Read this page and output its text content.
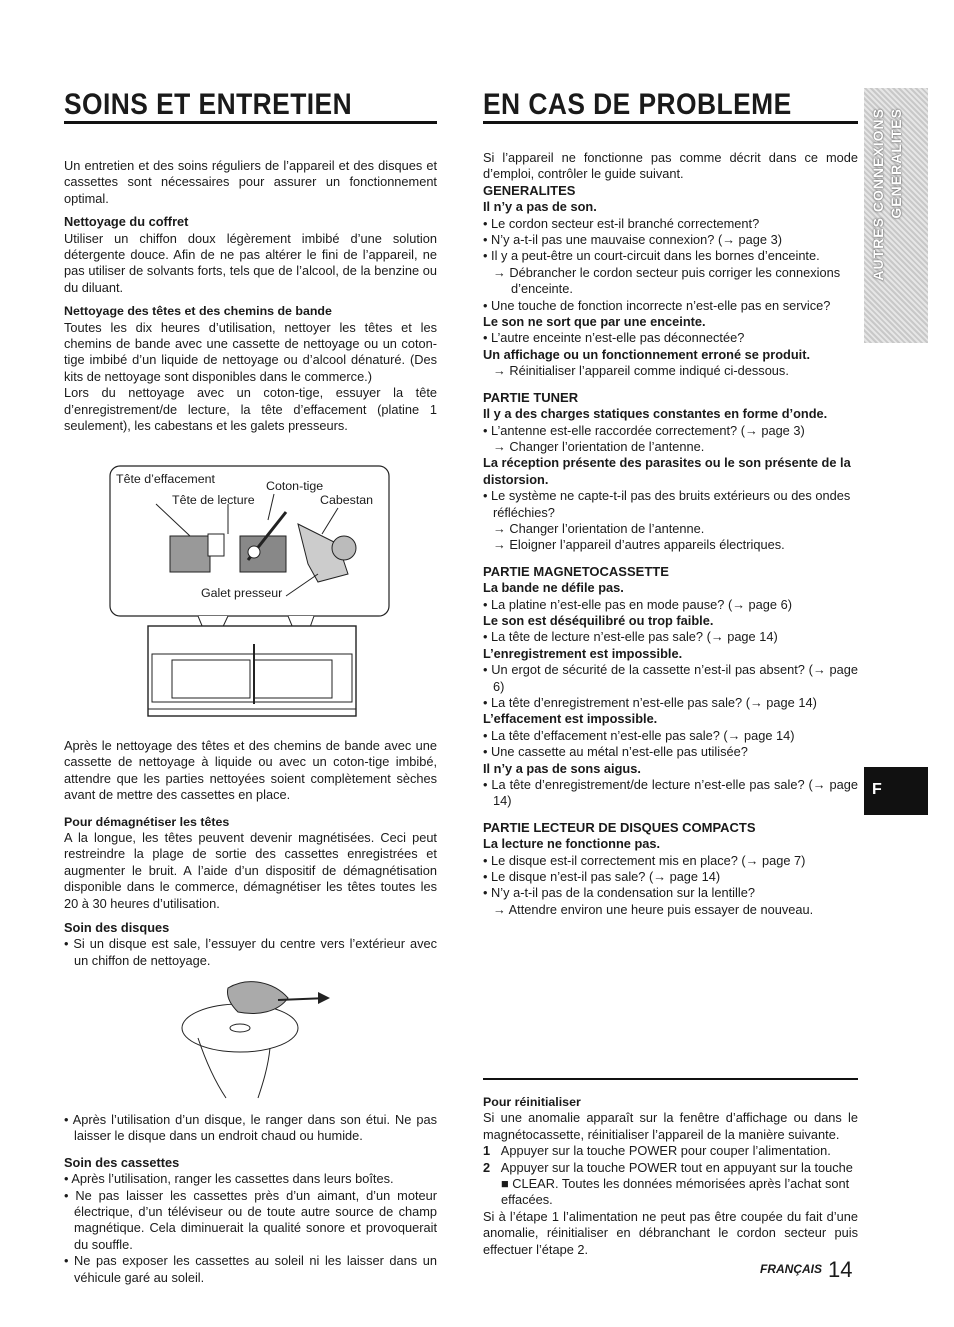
SOINS ET ENTRETIEN	EN CAS DE PROBLEME
AUTRES CONNEXIONS GENERALITES
F

Un entretien et des soins réguliers de l’appareil et des disques et cassettes sont nécessaires pour assurer un fonctionnement optimal.

Nettoyage du coffret

Utiliser un chiffon doux légèrement imbibé d’une solution détergente douce. Afin de ne pas altérer le fini de l’appareil, ne pas utiliser de solvants forts, tels que de l’alcool, de la benzine ou du diluant.

Nettoyage des têtes et des chemins de bande

Toutes les dix heures d’utilisation, nettoyer les têtes et les chemins de bande avec une cassette de nettoyage ou un coton-tige imbibé d’un liquide de nettoyage ou d’alcool dénaturé. (Des kits de nettoyage sont disponibles dans le commerce.)

Lors du nettoyage avec un coton-tige, essuyer la tête d’enregistrement/de lecture, la tête d’effacement (platine 1 seulement), les cabestans et les galets presseurs.

Tête d’effacement	Coton-tige
Tête de lecture	Cabestan
Galet presseur

Après le nettoyage des têtes et des chemins de bande avec une cassette de nettoyage à liquide ou avec un coton-tige imbibé, attendre que les parties nettoyées soient complètement sèches avant de mettre des cassettes en place.

Pour démagnétiser les têtes

A la longue, les têtes peuvent devenir magnétisées. Ceci peut restreindre la plage de sortie des cassettes enregistrées et augmenter le bruit. A l’aide d’un dispositif de démagnétisation disponible dans le commerce, démagnétiser les têtes toutes les 20 à 30 heures d’utilisation.

Soin des disques

• Si un disque est sale, l’essuyer du centre vers l’extérieur avec un chiffon de nettoyage.

• Après l’utilisation d’un disque, le ranger dans son étui. Ne pas laisser le disque dans un endroit chaud ou humide.

Soin des cassettes

• Après l’utilisation, ranger les cassettes dans leurs boîtes.

• Ne pas laisser les cassettes près d’un aimant, d’un moteur électrique, d’un téléviseur ou de toute autre source de champ magnétique. Cela diminuerait la qualité sonore et provoquerait du souffle.

• Ne pas exposer les cassettes au soleil ni les laisser dans un véhicule garé au soleil.

Si l’appareil ne fonctionne pas comme décrit dans ce mode d’emploi, contrôler le guide suivant.

GENERALITES

Il n’y a pas de son.

• Le cordon secteur est-il branché correctement?

• N’y a-t-il pas une mauvaise connexion? (→ page 3)

• Il y a peut-être un court-circuit dans les bornes d’enceinte.

→ Débrancher le cordon secteur puis corriger les connexions d’enceinte.

• Une touche de fonction incorrecte n’est-elle pas en service?

Le son ne sort que par une enceinte.

• L’autre enceinte n’est-elle pas déconnectée?

Un affichage ou un fonctionnement erroné se produit.

→ Réinitialiser l’appareil comme indiqué ci-dessous.

PARTIE TUNER

Il y a des charges statiques constantes en forme d’onde.

• L’antenne est-elle raccordée correctement? (→ page 3)

→ Changer l’orientation de l’antenne.

La réception présente des parasites ou le son présente de la distorsion.

• Le système ne capte-t-il pas des bruits extérieurs ou des ondes réfléchies?

→ Changer l’orientation de l’antenne.

→ Eloigner l’appareil d’autres appareils électriques.

PARTIE MAGNETOCASSETTE

La bande ne défile pas.

• La platine n’est-elle pas en mode pause? (→ page 6)

Le son est déséquilibré ou trop faible.

• La tête de lecture n’est-elle pas sale? (→ page 14)

L’enregistrement est impossible.

• Un ergot de sécurité de la cassette n’est-il pas absent? (→ page 6)

• La tête d’enregistrement n’est-elle pas sale? (→ page 14)

L’effacement est impossible.

• La tête d’effacement n’est-elle pas sale? (→ page 14)

• Une cassette au métal n’est-elle pas utilisée?

Il n’y a pas de sons aigus.

• La tête d’enregistrement/de lecture n’est-elle pas sale? (→ page 14)

PARTIE LECTEUR DE DISQUES COMPACTS

La lecture ne fonctionne pas.

• Le disque est-il correctement mis en place? (→ page 7)

• Le disque n’est-il pas sale? (→ page 14)

• N’y a-t-il pas de la condensation sur la lentille?

→ Attendre environ une heure puis essayer de nouveau.

Pour réinitialiser

Si une anomalie apparaît sur la fenêtre d’affichage ou dans le magnétocassette, réinitialiser l’appareil de la manière suivante.

1 Appuyer sur la touche POWER pour couper l’alimentation.
2 Appuyer sur la touche POWER tout en appuyant sur la touche ■ CLEAR. Toutes les données mémorisées après l’achat sont effacées.

Si à l’étape 1 l’alimentation ne peut pas être coupée du fait d’une anomalie, réinitialiser en débranchant le cordon secteur puis effectuer l’étape 2.

FRANÇAIS 14
